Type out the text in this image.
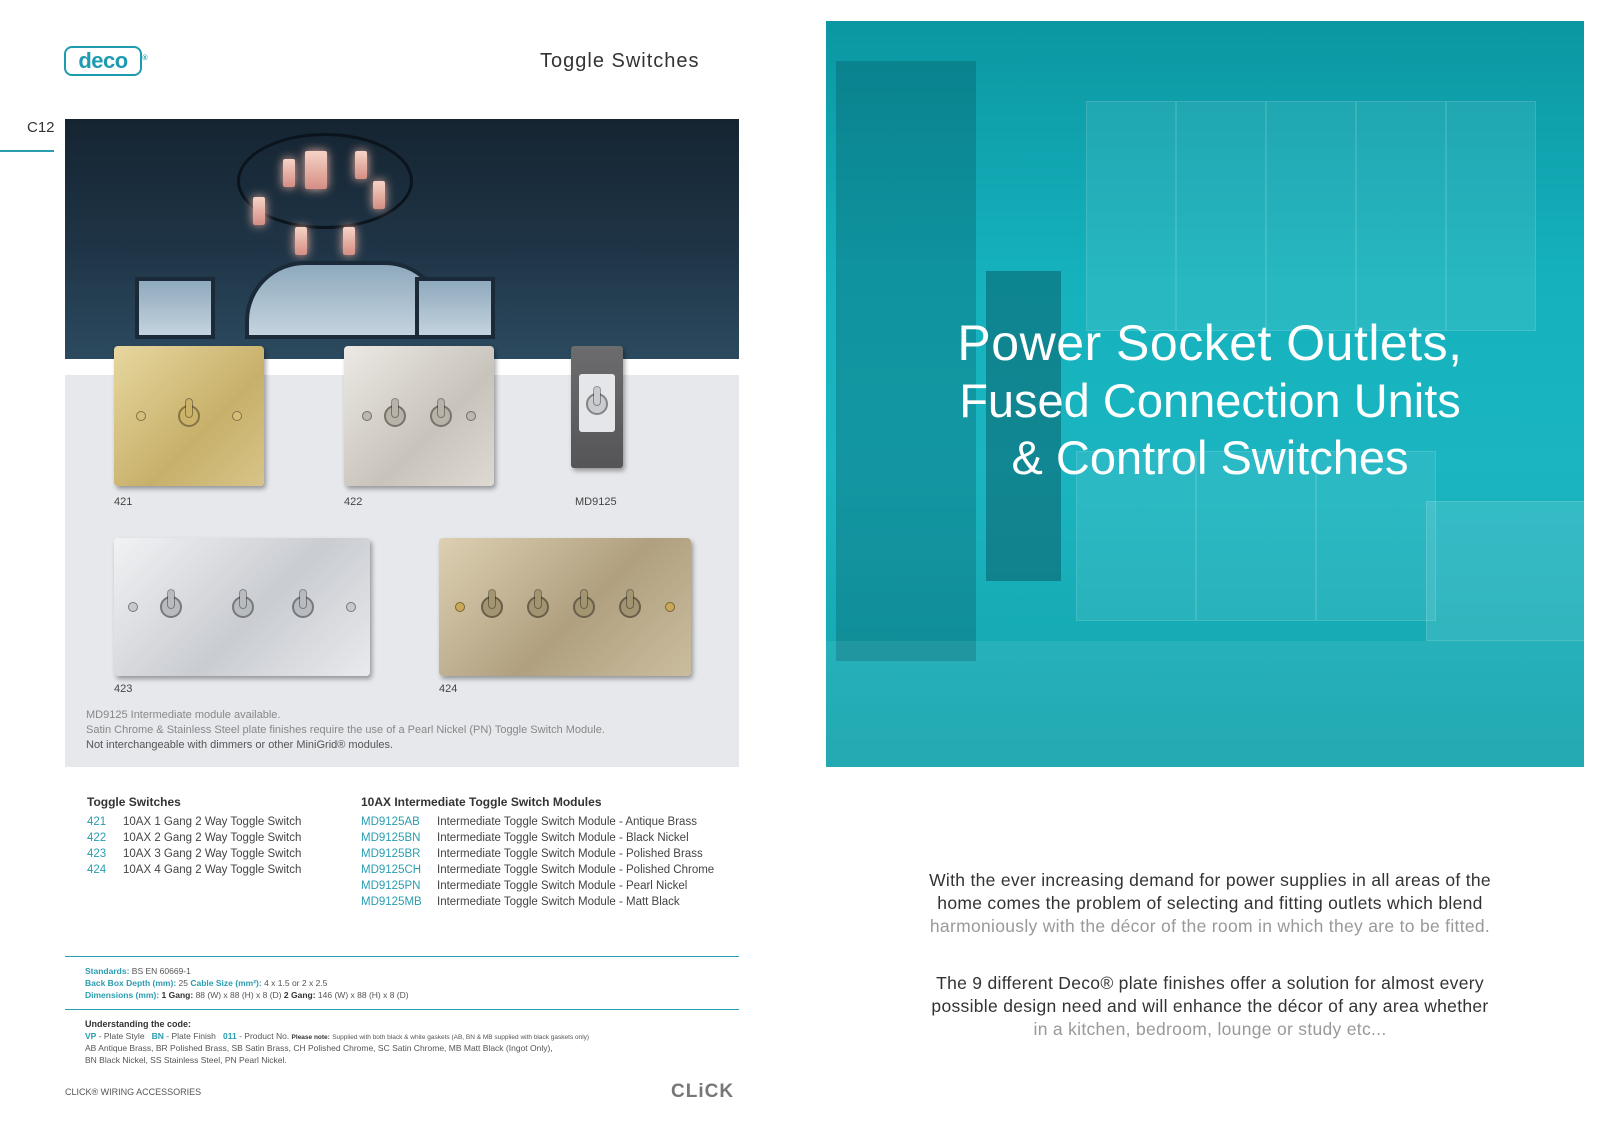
deco ®	Toggle Switches
C12
421	422	MD9125
423	424
MD9125 Intermediate module available.
Satin Chrome & Stainless Steel plate finishes require the use of a Pearl Nickel (PN) Toggle Switch Module.
Not interchangeable with dimmers or other MiniGrid® modules.
Toggle Switches
421 10AX 1 Gang 2 Way Toggle Switch
422 10AX 2 Gang 2 Way Toggle Switch
423 10AX 3 Gang 2 Way Toggle Switch
424 10AX 4 Gang 2 Way Toggle Switch
10AX Intermediate Toggle Switch Modules
MD9125AB Intermediate Toggle Switch Module - Antique Brass
MD9125BN Intermediate Toggle Switch Module - Black Nickel
MD9125BR Intermediate Toggle Switch Module - Polished Brass
MD9125CH Intermediate Toggle Switch Module - Polished Chrome
MD9125PN Intermediate Toggle Switch Module - Pearl Nickel
MD9125MB Intermediate Toggle Switch Module - Matt Black
Standards: BS EN 60669-1
Back Box Depth (mm): 25 Cable Size (mm²): 4 x 1.5 or 2 x 2.5
Dimensions (mm): 1 Gang: 88 (W) x 88 (H) x 8 (D) 2 Gang: 146 (W) x 88 (H) x 8 (D)
Understanding the code:
VP - Plate Style BN - Plate Finish 011 - Product No. Please note: Supplied with both black & white gaskets (AB, BN & MB supplied with black gaskets only)
AB Antique Brass, BR Polished Brass, SB Satin Brass, CH Polished Chrome, SC Satin Chrome, MB Matt Black (Ingot Only),
BN Black Nickel, SS Stainless Steel, PN Pearl Nickel.
CLICK® WIRING ACCESSORIES	CLiCK
Power Socket Outlets,
Fused Connection Units
& Control Switches
With the ever increasing demand for power supplies in all areas of the
home comes the problem of selecting and fitting outlets which blend
harmoniously with the décor of the room in which they are to be fitted.
The 9 different Deco® plate finishes offer a solution for almost every
possible design need and will enhance the décor of any area whether
in a kitchen, bedroom, lounge or study etc...
